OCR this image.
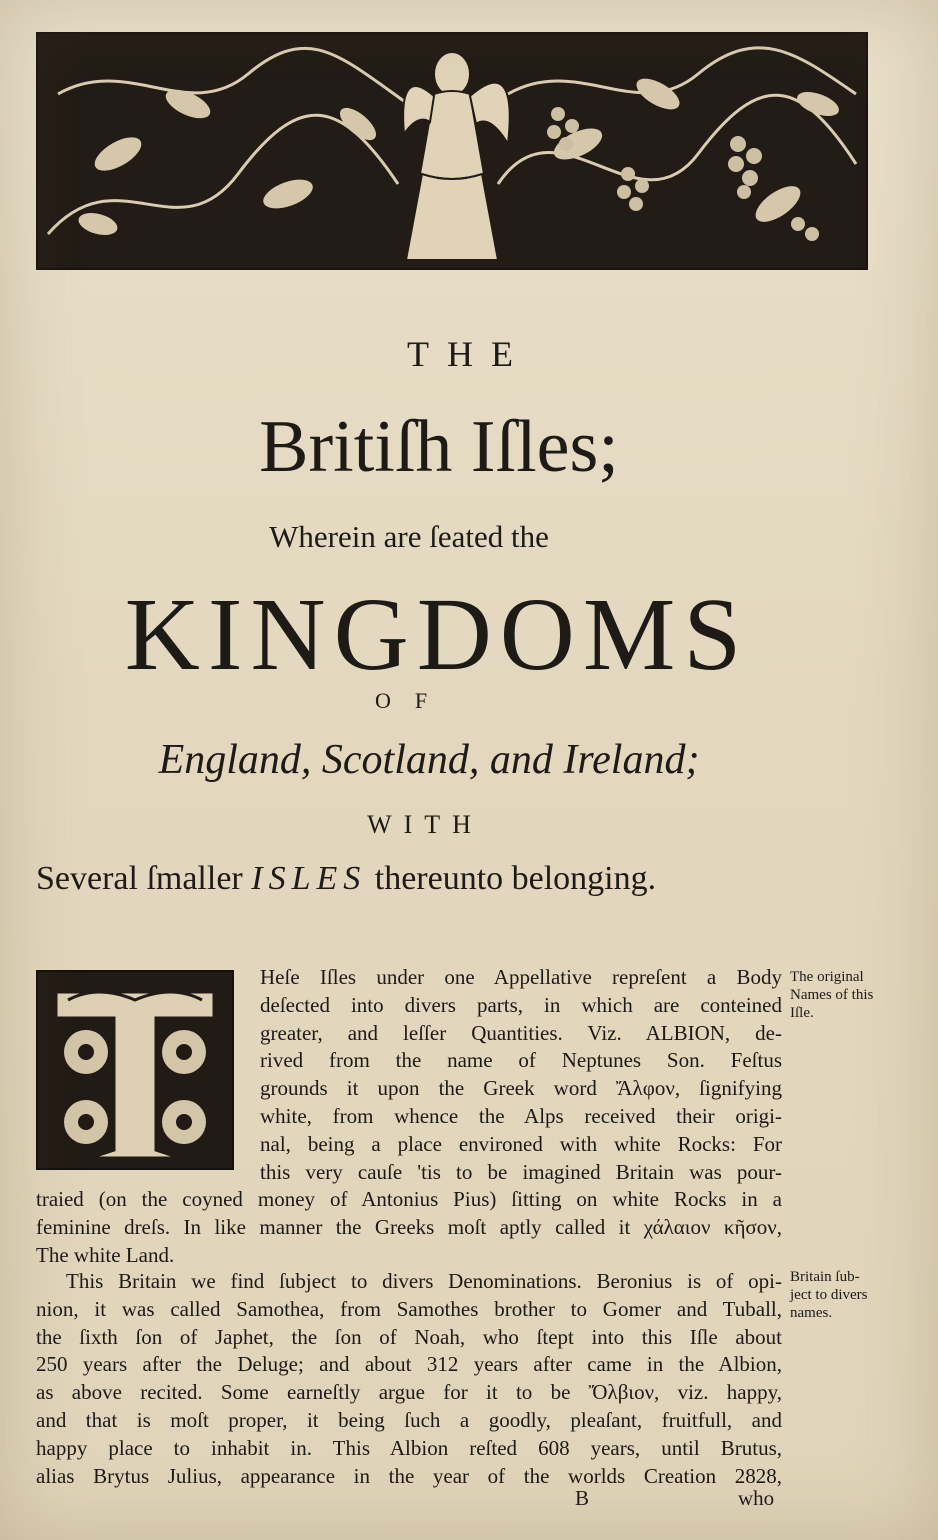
THE
Britiſh Iſles;
Wherein are ſeated the
KINGDOMS
OF
England, Scotland, and Ireland;
WITH
Several ſmaller ISLES thereunto belonging.
Heſe Iſles under one Appellative repreſent a Body
deſected into divers parts, in which are conteined
greater, and leſſer Quantities. Viz. ALBION, de-
rived from the name of Neptunes Son. Feſtus
grounds it upon the Greek word Ἄλφον, ſignifying
white, from whence the Alps received their origi-
nal, being a place environed with white Rocks: For
this very cauſe 'tis to be imagined Britain was pour-
traied (on the coyned money of Antonius Pius) ſitting on white Rocks in a
feminine dreſs. In like manner the Greeks moſt aptly called it χάλαιον κῆσον,
The white Land.
This Britain we find ſubject to divers Denominations. Beronius is of opi-
nion, it was called Samothea, from Samothes brother to Gomer and Tuball,
the ſixth ſon of Japhet, the ſon of Noah, who ſtept into this Iſle about
250 years after the Deluge; and about 312 years after came in the Albion,
as above recited. Some earneſtly argue for it to be Ὄλβιον, viz. happy,
and that is moſt proper, it being ſuch a goodly, pleaſant, fruitfull, and
happy place to inhabit in. This Albion reſted 608 years, until Brutus,
alias Brytus Julius, appearance in the year of the worlds Creation 2828,
The original
Names of this
Iſle.
Britain ſub-
ject to divers
names.
B	who
